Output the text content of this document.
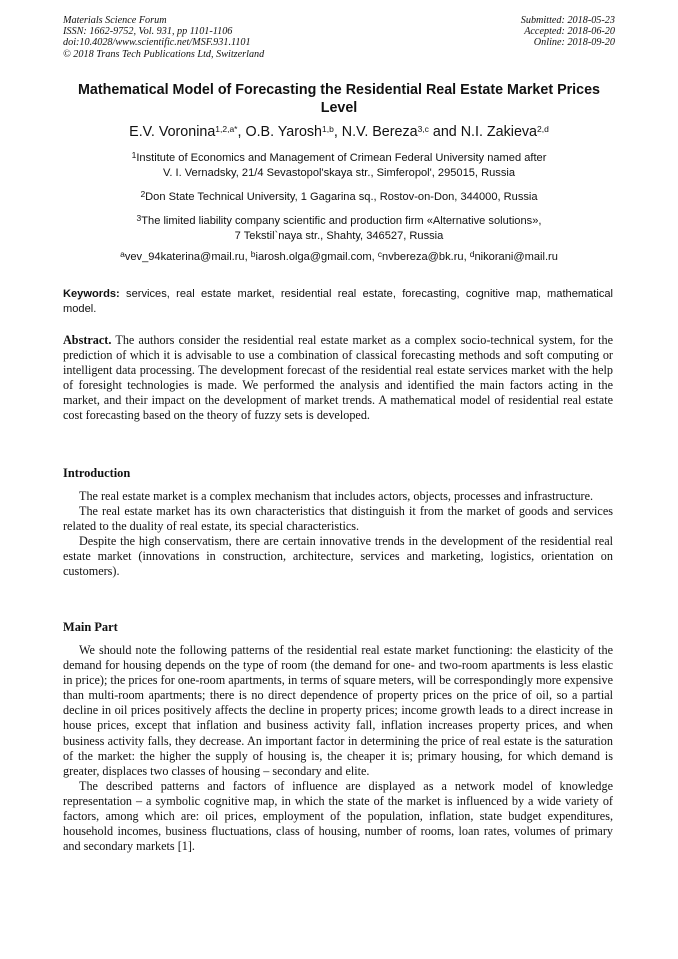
Materials Science Forum
ISSN: 1662-9752, Vol. 931, pp 1101-1106
doi:10.4028/www.scientific.net/MSF.931.1101
© 2018 Trans Tech Publications Ltd, Switzerland
Submitted: 2018-05-23
Accepted: 2018-06-20
Online: 2018-09-20
Mathematical Model of Forecasting the Residential Real Estate Market Prices Level
E.V. Voronina$^{1,2,a*}$, O.B. Yarosh$^{1,b}$, N.V. Bereza$^{3,c}$ and N.I. Zakieva$^{2,d}$
$^1$Institute of Economics and Management of Crimean Federal University named after
V. I. Vernadsky, 21/4 Sevastopol'skaya str., Simferopol', 295015, Russia
$^2$Don State Technical University, 1 Gagarina sq., Rostov-on-Don, 344000, Russia
$^3$The limited liability company scientific and production firm «Alternative solutions»,
7 Tekstil`naya str., Shahty, 346527, Russia
$^a$vev_94katerina@mail.ru, $^b$iarosh.olga@gmail.com, $^c$nvbereza@bk.ru, $^d$nikorani@mail.ru
Keywords: services, real estate market, residential real estate, forecasting, cognitive map, mathematical model.
Abstract. The authors consider the residential real estate market as a complex socio-technical system, for the prediction of which it is advisable to use a combination of classical forecasting methods and soft computing or intelligent data processing. The development forecast of the residential real estate services market with the help of foresight technologies is made. We performed the analysis and identified the main factors acting in the market, and their impact on the development of market trends. A mathematical model of residential real estate cost forecasting based on the theory of fuzzy sets is developed.
Introduction

The real estate market is a complex mechanism that includes actors, objects, processes and infrastructure.

The real estate market has its own characteristics that distinguish it from the market of goods and services related to the duality of real estate, its special characteristics.

Despite the high conservatism, there are certain innovative trends in the development of the residential real estate market (innovations in construction, architecture, services and marketing, logistics, orientation on customers).

Main Part

We should note the following patterns of the residential real estate market functioning: the elasticity of the demand for housing depends on the type of room (the demand for one- and two-room apartments is less elastic in price); the prices for one-room apartments, in terms of square meters, will be correspondingly more expensive than multi-room apartments; there is no direct dependence of property prices on the price of oil, so a partial decline in oil prices positively affects the decline in property prices; income growth leads to a direct increase in house prices, except that inflation and business activity fall, inflation increases property prices, and when business activity falls, they decrease. An important factor in determining the price of real estate is the saturation of the market: the higher the supply of housing is, the cheaper it is; primary housing, for which demand is greater, displaces two classes of housing – secondary and elite.

The described patterns and factors of influence are displayed as a network model of knowledge representation – a symbolic cognitive map, in which the state of the market is influenced by a wide variety of factors, among which are: oil prices, employment of the population, inflation, state budget expenditures, household incomes, business fluctuations, class of housing, number of rooms, loan rates, volumes of primary and secondary markets [1].
